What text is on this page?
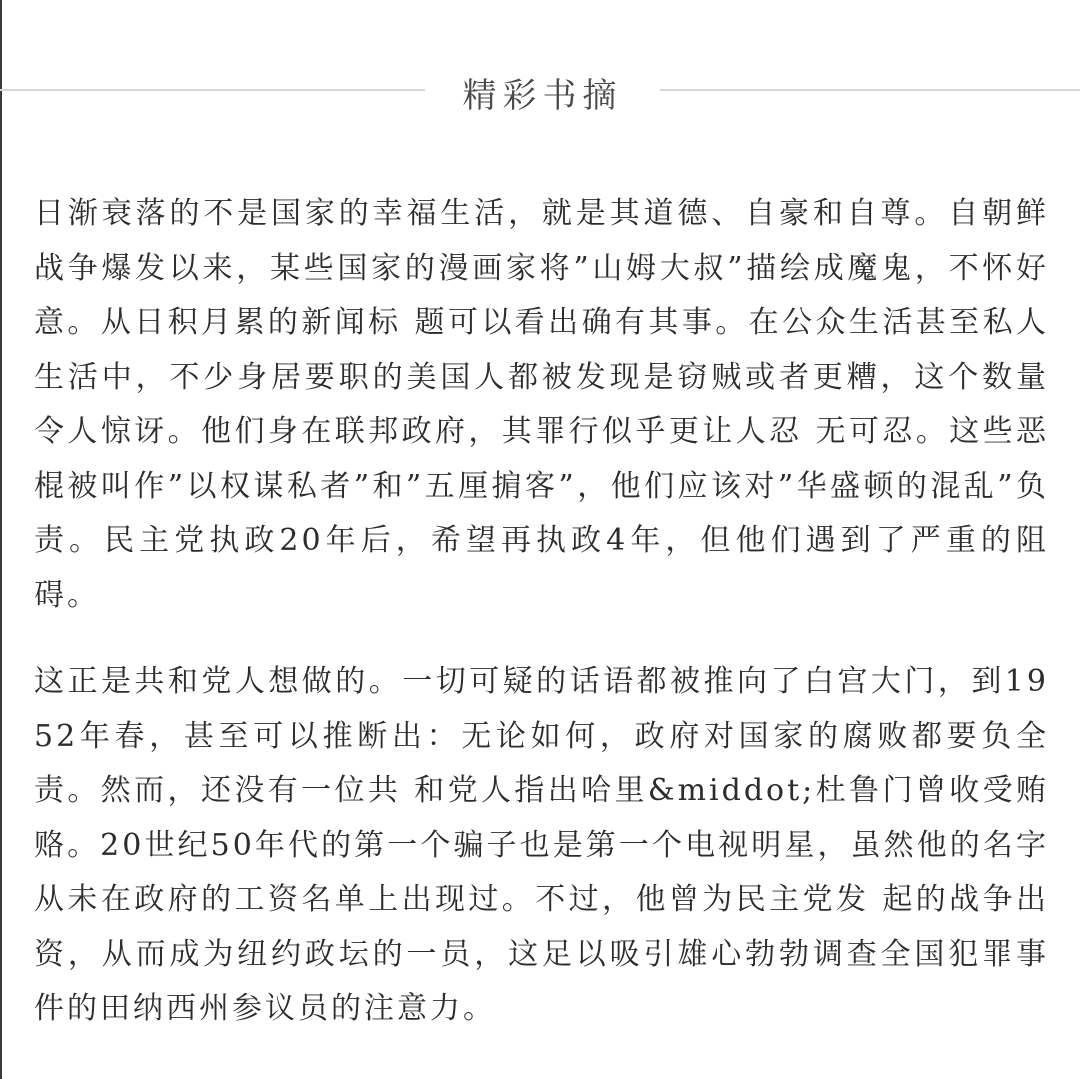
精彩书摘

日渐衰落的不是国家的幸福生活，就是其道德、自豪和自尊。自朝鲜战争爆发以来，某些国家的漫画家将”山姆大叔”描绘成魔鬼，不怀好意。从日积月累的新闻标 题可以看出确有其事。在公众生活甚至私人生活中，不少身居要职的美国人都被发现是窃贼或者更糟，这个数量令人惊讶。他们身在联邦政府，其罪行似乎更让人忍 无可忍。这些恶棍被叫作”以权谋私者”和”五厘掮客”，他们应该对”华盛顿的混乱”负责。民主党执政20年后，希望再执政4年，但他们遇到了严重的阻碍。

这正是共和党人想做的。一切可疑的话语都被推向了白宫大门，到1952年春，甚至可以推断出：无论如何，政府对国家的腐败都要负全责。然而，还没有一位共 和党人指出哈里&middot;杜鲁门曾收受贿赂。20世纪50年代的第一个骗子也是第一个电视明星，虽然他的名字从未在政府的工资名单上出现过。不过，他曾为民主党发 起的战争出资，从而成为纽约政坛的一员，这足以吸引雄心勃勃调查全国犯罪事件的田纳西州参议员的注意力。
